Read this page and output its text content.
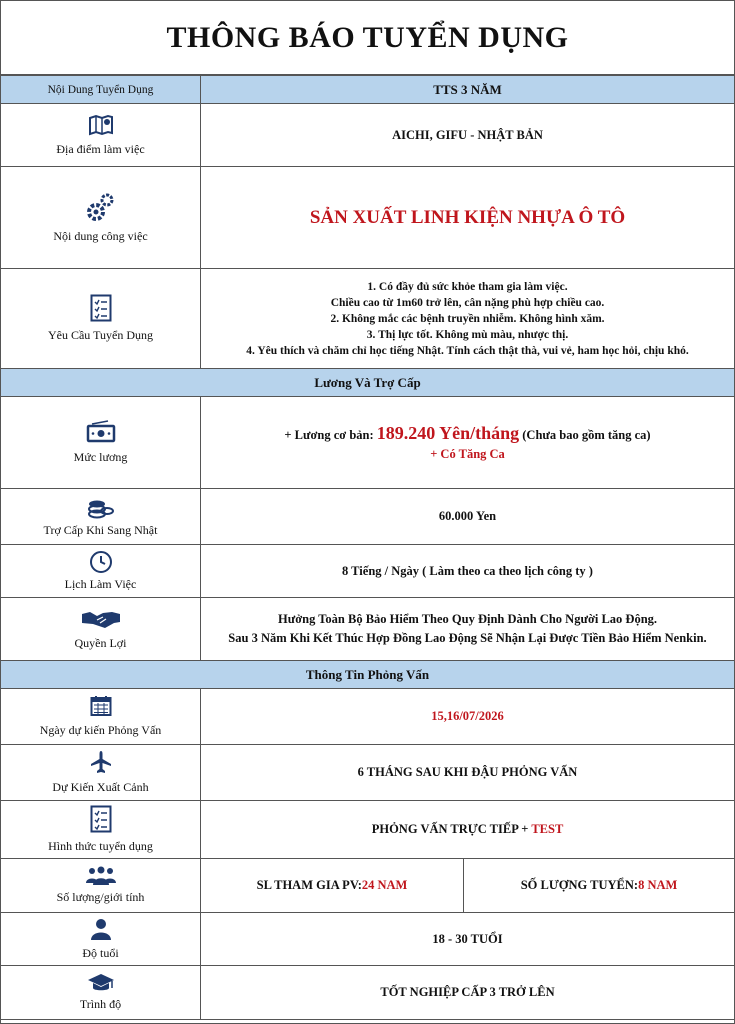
THÔNG BÁO TUYỂN DỤNG
Nội Dung Tuyển Dụng	TTS 3 NĂM

Địa điểm làm việc	AICHI, GIFU - NHẬT BẢN

Nội dung công việc	SẢN XUẤT LINH KIỆN NHỰA Ô TÔ

Yêu Cầu Tuyển Dụng	1. Có đầy đủ sức khỏe tham gia làm việc.
Chiều cao từ 1m60 trở lên, cân nặng phù hợp chiều cao.
2. Không mắc các bệnh truyền nhiễm. Không hình xăm.
3. Thị lực tốt. Không mù màu, nhược thị.
4. Yêu thích và chăm chỉ học tiếng Nhật. Tính cách thật thà, vui vẻ, ham học hỏi, chịu khó.

Lương Và Trợ Cấp	

Mức lương	+ Lương cơ bản: 189.240 Yên/tháng (Chưa bao gồm tăng ca)
+ Có Tăng Ca

Trợ Cấp Khi Sang Nhật	60.000 Yen

Lịch Làm Việc	8 Tiếng / Ngày ( Làm theo ca theo lịch công ty )

Quyền Lợi	Hưởng Toàn Bộ Bảo Hiểm Theo Quy Định Dành Cho Người Lao Động.
Sau 3 Năm Khi Kết Thúc Hợp Đồng Lao Động Sẽ Nhận Lại Được Tiền Bảo Hiểm Nenkin.

Thông Tin Phỏng Vấn	

Ngày dự kiến Phỏng Vấn	15,16/07/2026

Dự Kiến Xuất Cảnh	6 THÁNG SAU KHI ĐẬU PHỎNG VẤN

Hình thức tuyển dụng	PHỎNG VẤN TRỰC TIẾP + TEST

Số lượng/giới tính	SL THAM GIA PV: 24 NAM SỐ LƯỢNG TUYỂN: 8 NAM

Độ tuổi	18 - 30 TUỔI

Trình độ	TỐT NGHIỆP CẤP 3 TRỞ LÊN
